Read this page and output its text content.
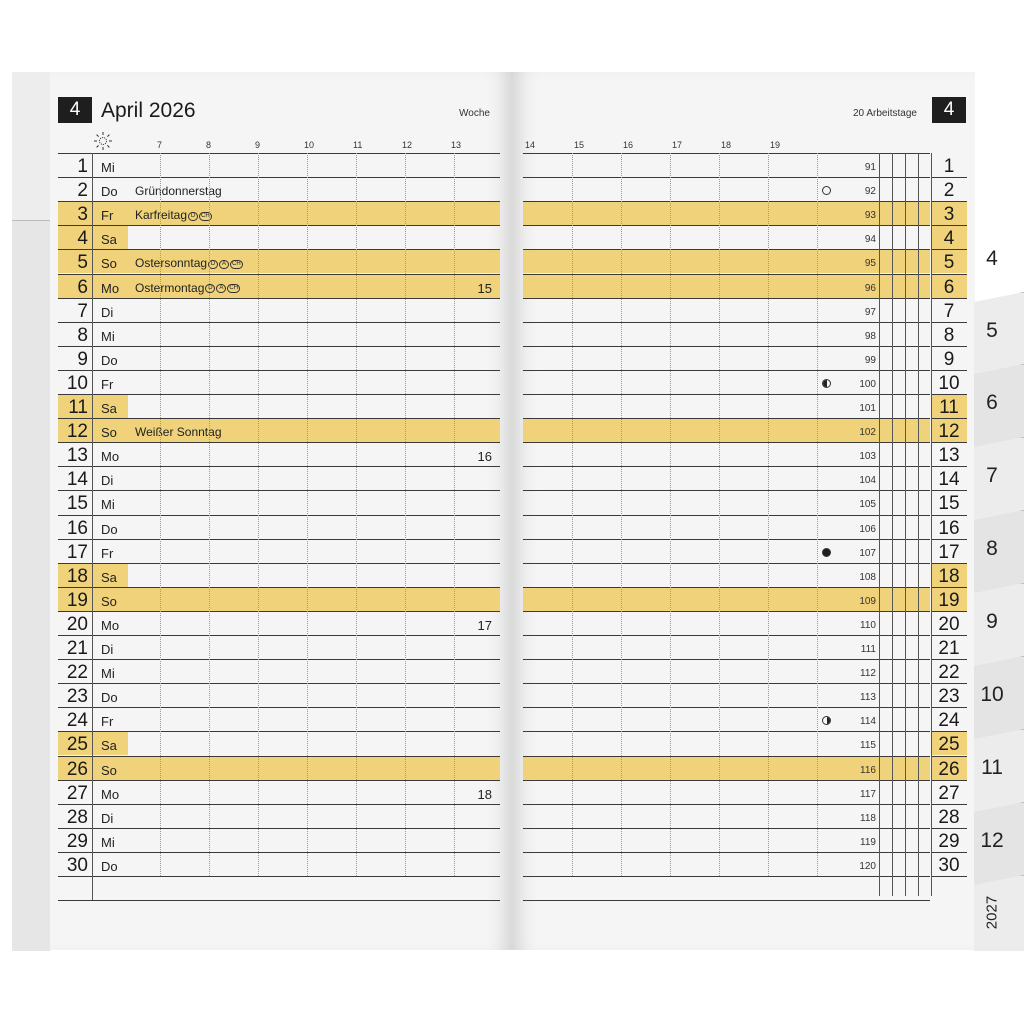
4
5
6
7
8
9
10
11
12
2027
4 April 2026	Woche	20 Arbeitstage	4
7	8	9	10	11	12	13	14	15	16	17	18	19
1 Mi	91	1
2 Do Gründonnerstag	92	2
3 Fr Karfreitag D CH	93	3
4 Sa	94	4
5 So Ostersonntag D A CH	95	5
6 Mo Ostermontag D A CH	15	96	6
7 Di	97	7
8 Mi	98	8
9 Do	99	9
10 Fr	100	10
11 Sa	101	11
12 So Weißer Sonntag	102	12
13 Mo	16	103	13
14 Di	104	14
15 Mi	105	15
16 Do	106	16
17 Fr	107	17
18 Sa	108	18
19 So	109	19
20 Mo	17	110	20
21 Di	111	21
22 Mi	112	22
23 Do	113	23
24 Fr	114	24
25 Sa	115	25
26 So	116	26
27 Mo	18	117	27
28 Di	118	28
29 Mi	119	29
30 Do	120	30
